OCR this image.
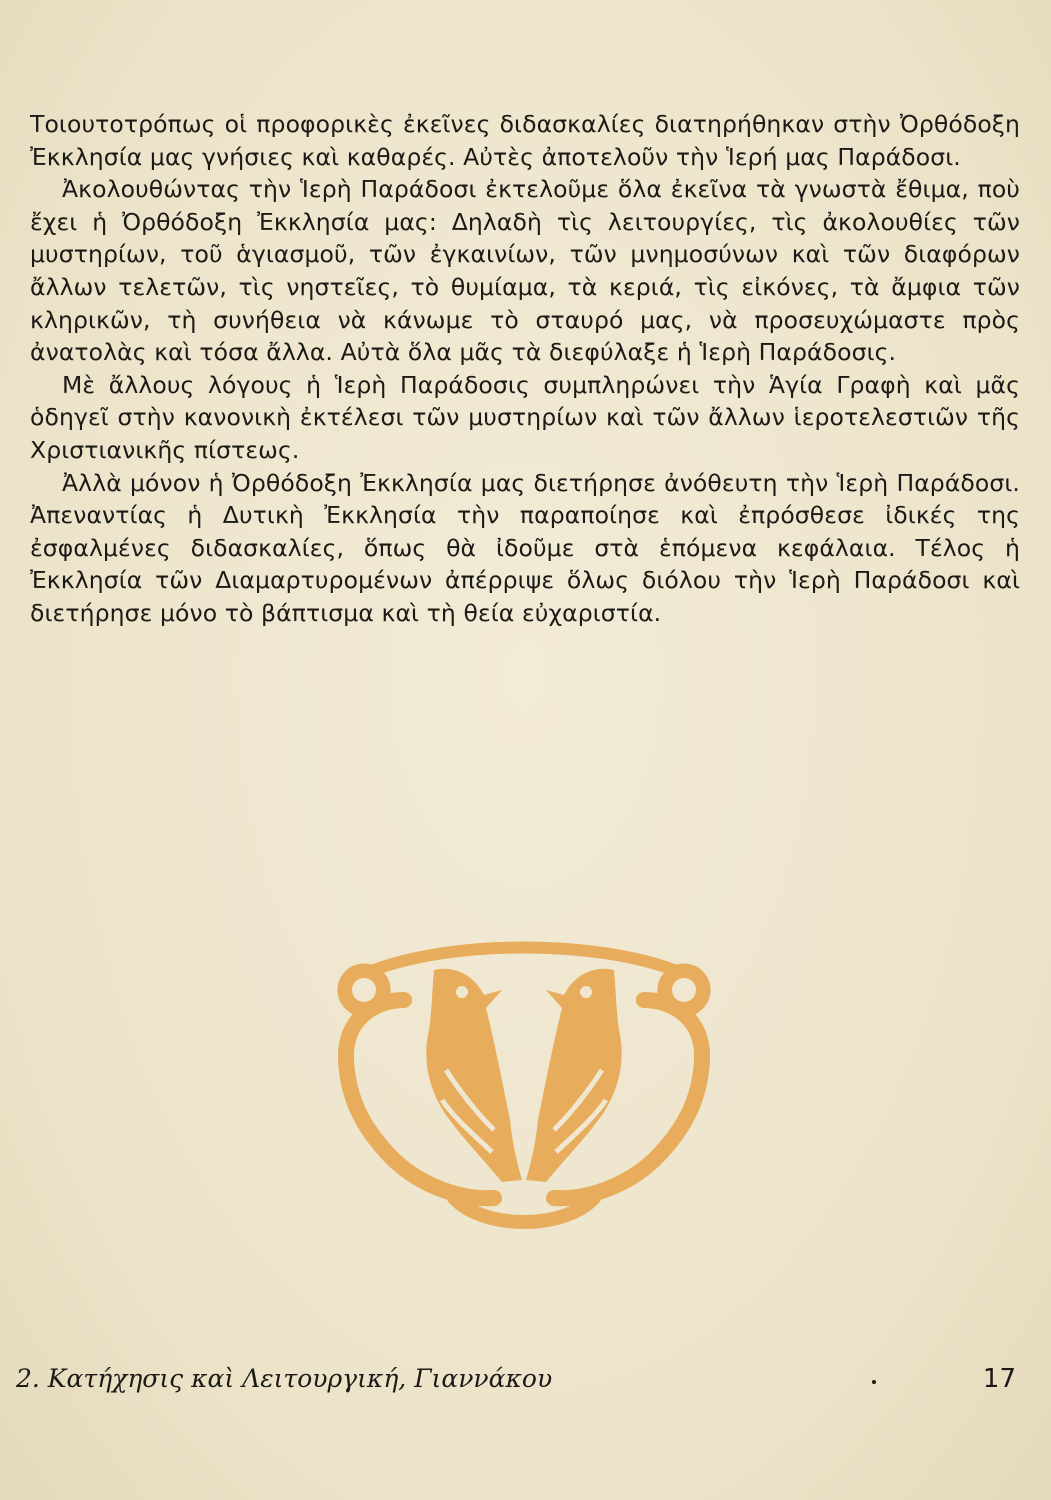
Τοιουτοτρόπως οἱ προφορικὲς ἐκεῖνες διδασκαλίες διατηρήθηκαν στὴν Ὀρθόδοξη Ἐκκλησία μας γνήσιες καὶ καθαρές. Αὐτὲς ἀποτελοῦν τὴν Ἱερή μας Παράδοσι.

Ἀκολουθώντας τὴν Ἱερὴ Παράδοσι ἐκτελοῦμε ὅλα ἐκεῖνα τὰ γνωστὰ ἔθιμα, ποὺ ἔχει ἡ Ὀρθόδοξη Ἐκκλησία μας: Δηλαδὴ τὶς λειτουργίες, τὶς ἀκολουθίες τῶν μυστηρίων, τοῦ ἁγιασμοῦ, τῶν ἐγκαινίων, τῶν μνημοσύνων καὶ τῶν διαφόρων ἄλλων τελετῶν, τὶς νηστεῖες, τὸ θυμίαμα, τὰ κεριά, τὶς εἰκόνες, τὰ ἄμφια τῶν κληρικῶν, τὴ συνήθεια νὰ κάνωμε τὸ σταυρό μας, νὰ προσευχώμαστε πρὸς ἀνατολὰς καὶ τόσα ἄλλα. Αὐτὰ ὅλα μᾶς τὰ διεφύλαξε ἡ Ἱερὴ Παράδοσις.

Μὲ ἄλλους λόγους ἡ Ἱερὴ Παράδοσις συμπληρώνει τὴν Ἁγία Γραφὴ καὶ μᾶς ὁδηγεῖ στὴν κανονικὴ ἐκτέλεσι τῶν μυστηρίων καὶ τῶν ἄλλων ἱεροτελεστιῶν τῆς Χριστιανικῆς πίστεως.

Ἀλλὰ μόνον ἡ Ὀρθόδοξη Ἐκκλησία μας διετήρησε ἀνόθευτη τὴν Ἱερὴ Παράδοσι. Ἀπεναντίας ἡ Δυτικὴ Ἐκκλησία τὴν παραποίησε καὶ ἐπρόσθεσε ἰδικές της ἐσφαλμένες διδασκαλίες, ὅπως θὰ ἰδοῦμε στὰ ἑπόμενα κεφάλαια. Τέλος ἡ Ἐκκλησία τῶν Διαμαρτυρομένων ἀπέρριψε ὅλως διόλου τὴν Ἱερὴ Παράδοσι καὶ διετήρησε μόνο τὸ βάπτισμα καὶ τὴ θεία εὐχαριστία.

2. Κατήχησις καὶ Λειτουργική, Γιαννάκου	17
